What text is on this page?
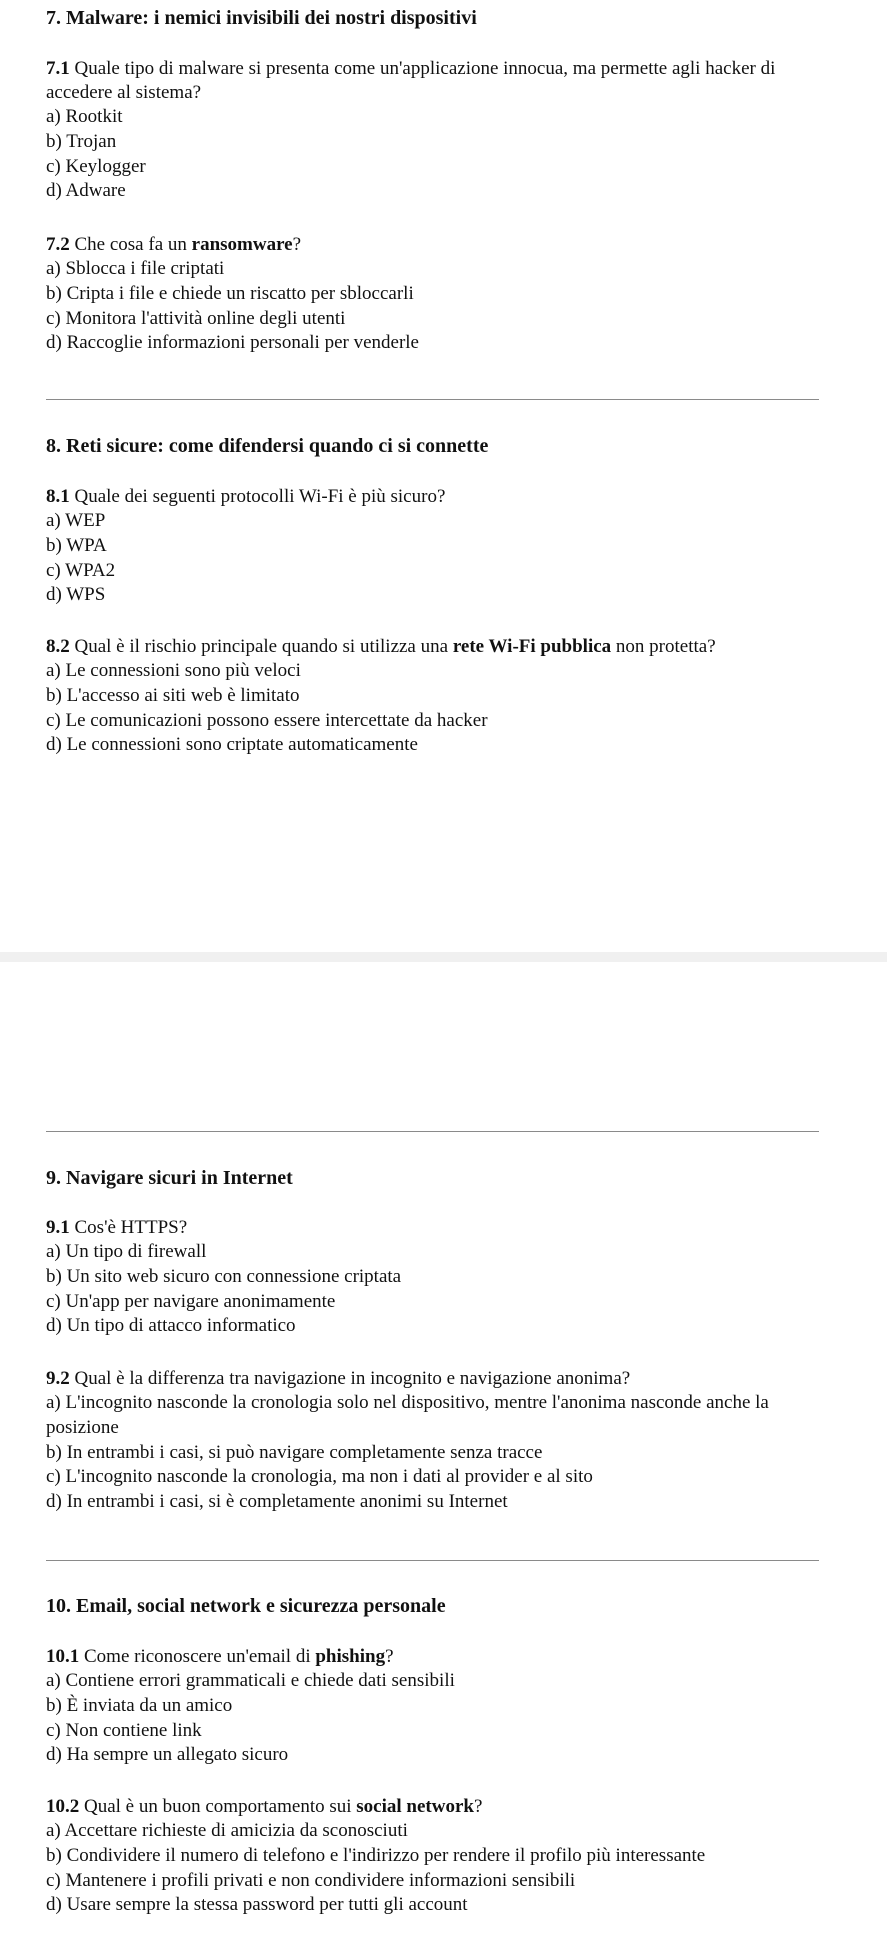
7. Malware: i nemici invisibili dei nostri dispositivi

7.1 Quale tipo di malware si presenta come un'applicazione innocua, ma permette agli hacker di accedere al sistema?

a) Rootkit

b) Trojan

c) Keylogger

d) Adware

7.2 Che cosa fa un ransomware?

a) Sblocca i file criptati

b) Cripta i file e chiede un riscatto per sbloccarli

c) Monitora l'attività online degli utenti

d) Raccoglie informazioni personali per venderle

8. Reti sicure: come difendersi quando ci si connette

8.1 Quale dei seguenti protocolli Wi-Fi è più sicuro?

a) WEP

b) WPA

c) WPA2

d) WPS

8.2 Qual è il rischio principale quando si utilizza una rete Wi-Fi pubblica non protetta?

a) Le connessioni sono più veloci

b) L'accesso ai siti web è limitato

c) Le comunicazioni possono essere intercettate da hacker

d) Le connessioni sono criptate automaticamente

9. Navigare sicuri in Internet

9.1 Cos'è HTTPS?

a) Un tipo di firewall

b) Un sito web sicuro con connessione criptata

c) Un'app per navigare anonimamente

d) Un tipo di attacco informatico

9.2 Qual è la differenza tra navigazione in incognito e navigazione anonima?

a) L'incognito nasconde la cronologia solo nel dispositivo, mentre l'anonima nasconde anche la posizione

b) In entrambi i casi, si può navigare completamente senza tracce

c) L'incognito nasconde la cronologia, ma non i dati al provider e al sito

d) In entrambi i casi, si è completamente anonimi su Internet

10. Email, social network e sicurezza personale

10.1 Come riconoscere un'email di phishing?

a) Contiene errori grammaticali e chiede dati sensibili

b) È inviata da un amico

c) Non contiene link

d) Ha sempre un allegato sicuro

10.2 Qual è un buon comportamento sui social network?

a) Accettare richieste di amicizia da sconosciuti

b) Condividere il numero di telefono e l'indirizzo per rendere il profilo più interessante

c) Mantenere i profili privati e non condividere informazioni sensibili

d) Usare sempre la stessa password per tutti gli account
